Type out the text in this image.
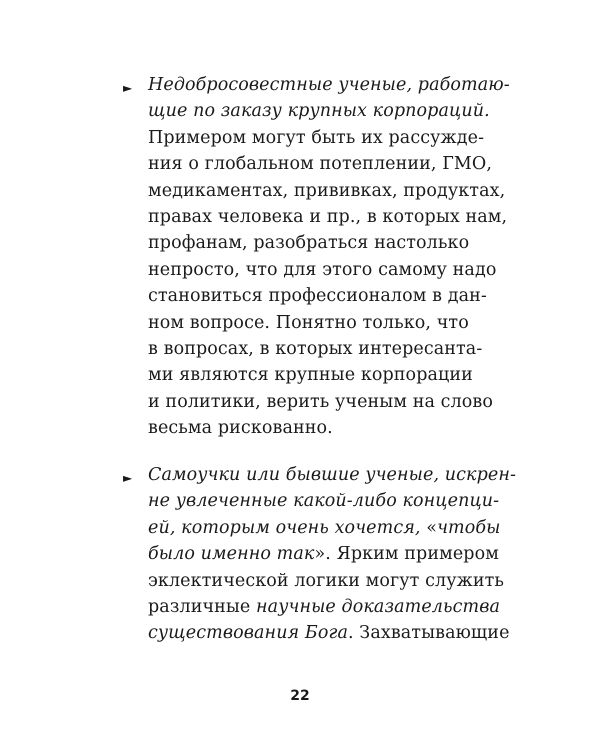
► Недобросовестные ученые, работаю-
щие по заказу крупных корпораций.
Примером могут быть их рассужде-
ния о глобальном потеплении, ГМО,
медикаментах, прививках, продуктах,
правах человека и пр., в которых нам,
профанам, разобраться настолько
непросто, что для этого самому надо
становиться профессионалом в дан-
ном вопросе. Понятно только, что
в вопросах, в которых интересанта-
ми являются крупные корпорации
и политики, верить ученым на слово
весьма рискованно.
► Самоучки или бывшие ученые, искрен-
не увлеченные какой-либо концепци-
ей, которым очень хочется, «чтобы
было именно так». Ярким примером
эклектической логики могут служить
различные научные доказательства
существования Бога. Захватывающие
22
